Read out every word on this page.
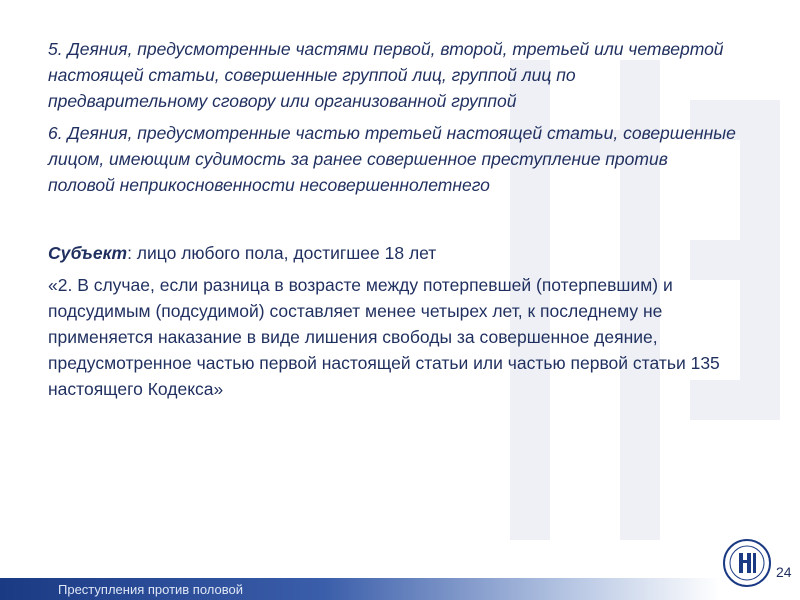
5. Деяния, предусмотренные частями первой, второй, третьей или четвертой настоящей статьи, совершенные группой лиц, группой лиц по предварительному сговору или организованной группой

6. Деяния, предусмотренные частью третьей настоящей статьи, совершенные лицом, имеющим судимость за ранее совершенное преступление против половой неприкосновенности несовершеннолетнего

Субъект: лицо любого пола, достигшее 18 лет

«2. В случае, если разница в возрасте между потерпевшей (потерпевшим) и подсудимым (подсудимой) составляет менее четырех лет, к последнему не применяется наказание в виде лишения свободы за совершенное деяние, предусмотренное частью первой настоящей статьи или частью первой статьи 135 настоящего Кодекса»

Преступления против половой
24
